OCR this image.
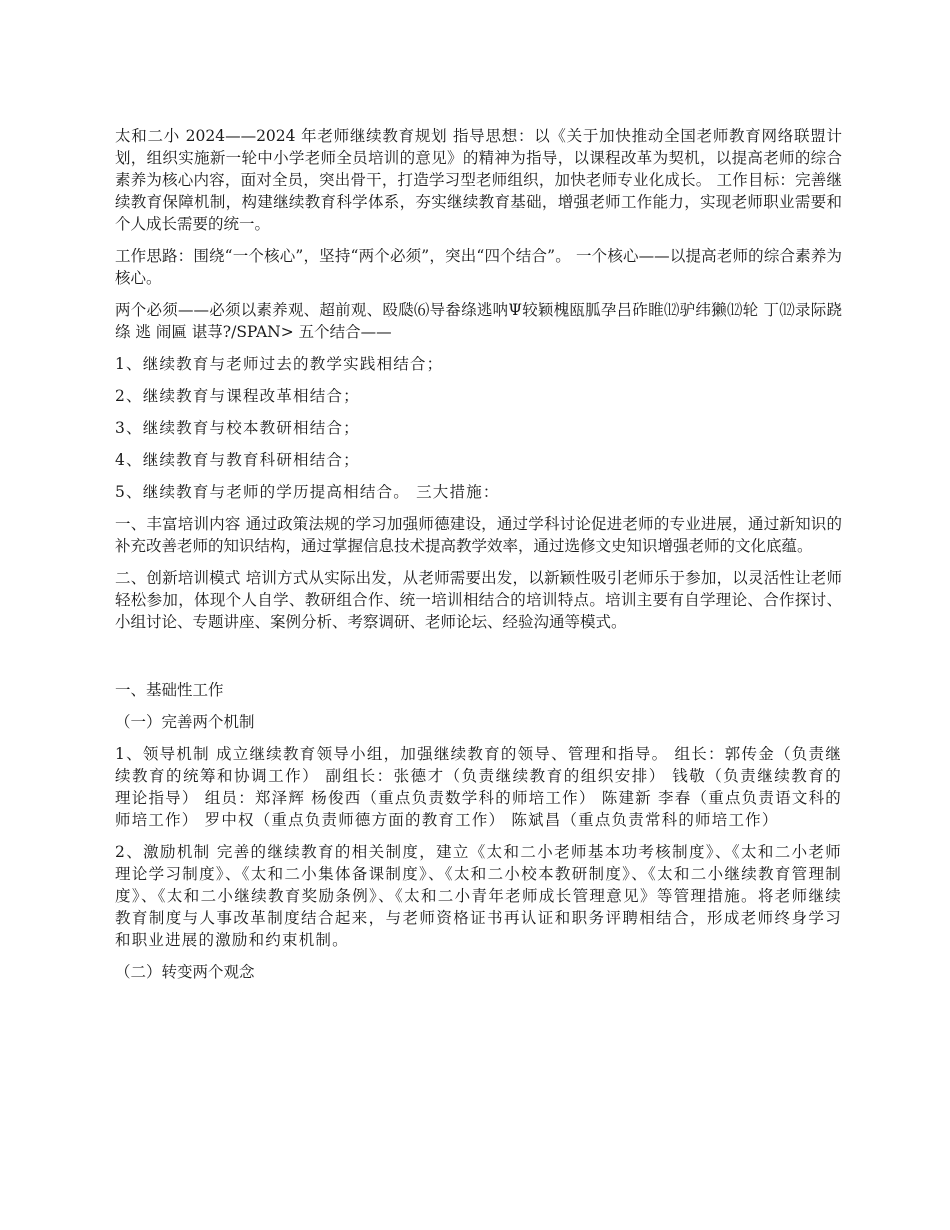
太和二小 2024——2024 年老师继续教育规划 指导思想：以《关于加快推动全国老师教育网络联盟计划，组织实施新一轮中小学老师全员培训的意见》的精神为指导，以课程改革为契机，以提高老师的综合素养为核心内容，面对全员，突出骨干，打造学习型老师组织，加快老师专业化成长。 工作目标：完善继续教育保障机制，构建继续教育科学体系，夯实继续教育基础，增强老师工作能力，实现老师职业需要和个人成长需要的统一。

工作思路：围绕“一个核心”，坚持“两个必须”，突出“四个结合”。 一个核心——以提高老师的综合素养为核心。

两个必须——必须以素养观、超前观、殴瓞⑹导畚绦逃呐Ψ较颖槐瓯胍孕吕砟睢⑿驴纬獭⑿轮 丁⑿录际跷 绦 逃 闹匾 谌荨?/SPAN> 五个结合——

1、继续教育与老师过去的教学实践相结合；
2、继续教育与课程改革相结合；
3、继续教育与校本教研相结合；
4、继续教育与教育科研相结合；
5、继续教育与老师的学历提高相结合。 三大措施：

一、丰富培训内容 通过政策法规的学习加强师德建设，通过学科讨论促进老师的专业进展，通过新知识的补充改善老师的知识结构，通过掌握信息技术提高教学效率，通过选修文史知识增强老师的文化底蕴。

二、创新培训模式 培训方式从实际出发，从老师需要出发，以新颖性吸引老师乐于参加，以灵活性让老师轻松参加，体现个人自学、教研组合作、统一培训相结合的培训特点。培训主要有自学理论、合作探讨、小组讨论、专题讲座、案例分析、考察调研、老师论坛、经验沟通等模式。

一、基础性工作
（一）完善两个机制

1、领导机制 成立继续教育领导小组，加强继续教育的领导、管理和指导。 组长：郭传金（负责继续教育的统筹和协调工作） 副组长：张德才（负责继续教育的组织安排） 钱敬（负责继续教育的理论指导） 组员：郑泽辉 杨俊西（重点负责数学科的师培工作） 陈建新 李春（重点负责语文科的师培工作） 罗中权（重点负责师德方面的教育工作） 陈斌昌（重点负责常科的师培工作）

2、激励机制 完善的继续教育的相关制度，建立《太和二小老师基本功考核制度》、《太和二小老师理论学习制度》、《太和二小集体备课制度》、《太和二小校本教研制度》、《太和二小继续教育管理制度》、《太和二小继续教育奖励条例》、《太和二小青年老师成长管理意见》等管理措施。将老师继续教育制度与人事改革制度结合起来，与老师资格证书再认证和职务评聘相结合，形成老师终身学习和职业进展的激励和约束机制。

（二）转变两个观念
